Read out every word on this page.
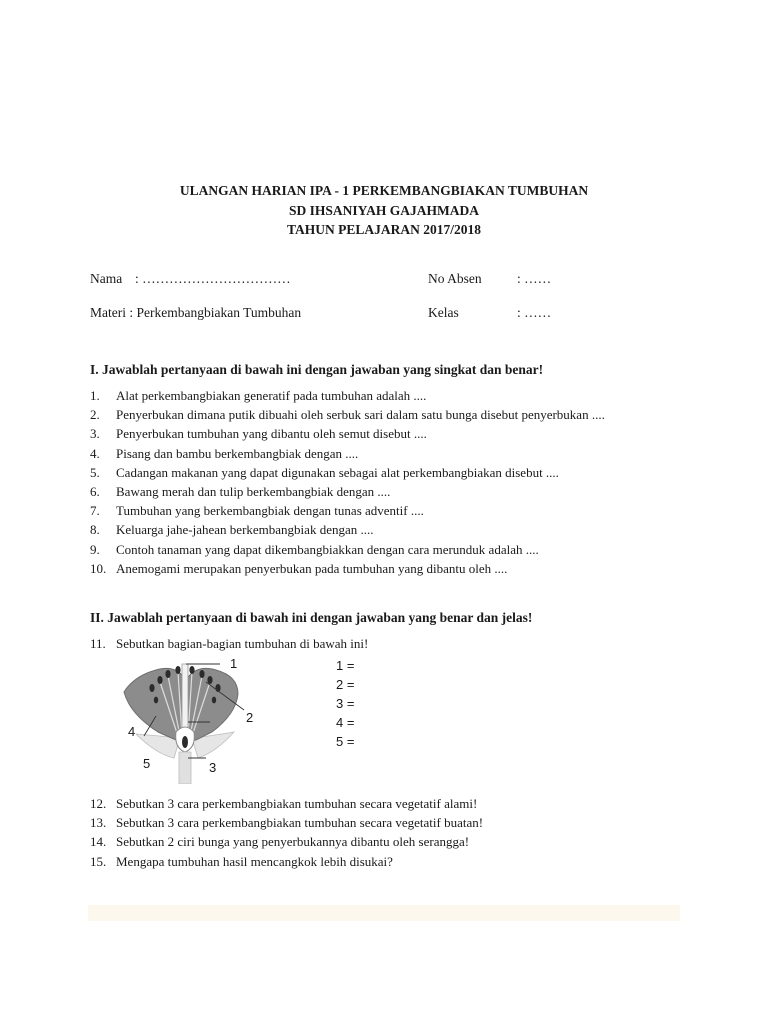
ULANGAN HARIAN IPA - 1 PERKEMBANGBIAKAN TUMBUHAN
SD IHSANIYAH GAJAHMADA
TAHUN PELAJARAN 2017/2018
Nama : ……………………………	No Absen	: ……
Materi : Perkembangbiakan Tumbuhan	Kelas	: ……
I. Jawablah pertanyaan di bawah ini dengan jawaban yang singkat dan benar!
1. Alat perkembangbiakan generatif pada tumbuhan adalah ....
2. Penyerbukan dimana putik dibuahi oleh serbuk sari dalam satu bunga disebut penyerbukan ....
3. Penyerbukan tumbuhan yang dibantu oleh semut disebut ....
4. Pisang dan bambu berkembangbiak dengan ....
5. Cadangan makanan yang dapat digunakan sebagai alat perkembangbiakan disebut ....
6. Bawang merah dan tulip berkembangbiak dengan ....
7. Tumbuhan yang berkembangbiak dengan tunas adventif ....
8. Keluarga jahe-jahean berkembangbiak dengan ....
9. Contoh tanaman yang dapat dikembangbiakkan dengan cara merunduk adalah ....
10. Anemogami merupakan penyerbukan pada tumbuhan yang dibantu oleh ....
II. Jawablah pertanyaan di bawah ini dengan jawaban yang benar dan jelas!
11. Sebutkan bagian-bagian tumbuhan di bawah ini!
1
2
3
4
5
1 =
2 =
3 =
4 =
5 =
12. Sebutkan 3 cara perkembangbiakan tumbuhan secara vegetatif alami!
13. Sebutkan 3 cara perkembangbiakan tumbuhan secara vegetatif buatan!
14. Sebutkan 2 ciri bunga yang penyerbukannya dibantu oleh serangga!
15. Mengapa tumbuhan hasil mencangkok lebih disukai?
